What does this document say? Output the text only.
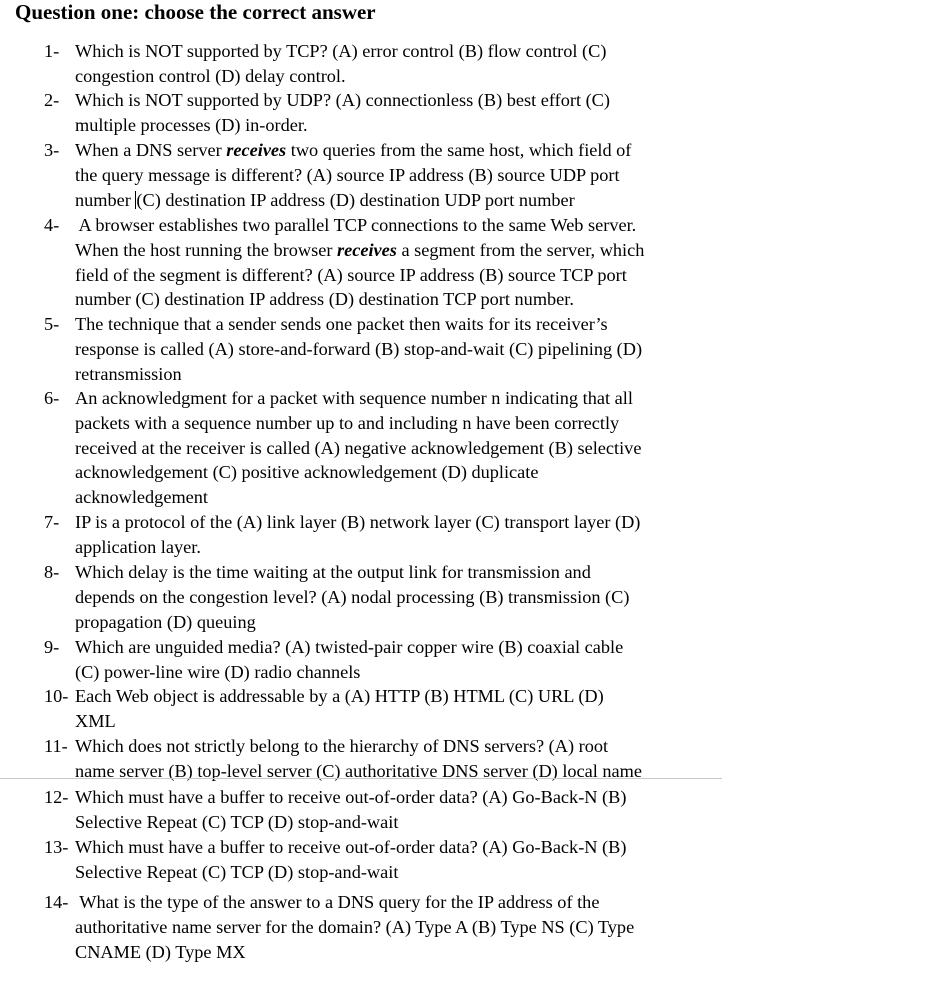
Question one: choose the correct answer
1- Which is NOT supported by TCP? (A) error control (B) flow control (C)
congestion control (D) delay control.
2- Which is NOT supported by UDP? (A) connectionless (B) best effort (C)
multiple processes (D) in-order.
3- When a DNS server receives two queries from the same host, which field of
the query message is different? (A) source IP address (B) source UDP port
number (C) destination IP address (D) destination UDP port number
4- A browser establishes two parallel TCP connections to the same Web server.
When the host running the browser receives a segment from the server, which
field of the segment is different? (A) source IP address (B) source TCP port
number (C) destination IP address (D) destination TCP port number.
5- The technique that a sender sends one packet then waits for its receiver’s
response is called (A) store-and-forward (B) stop-and-wait (C) pipelining (D)
retransmission
6- An acknowledgment for a packet with sequence number n indicating that all
packets with a sequence number up to and including n have been correctly
received at the receiver is called (A) negative acknowledgement (B) selective
acknowledgement (C) positive acknowledgement (D) duplicate
acknowledgement
7- IP is a protocol of the (A) link layer (B) network layer (C) transport layer (D)
application layer.
8- Which delay is the time waiting at the output link for transmission and
depends on the congestion level? (A) nodal processing (B) transmission (C)
propagation (D) queuing
9- Which are unguided media? (A) twisted-pair copper wire (B) coaxial cable
(C) power-line wire (D) radio channels
10- Each Web object is addressable by a (A) HTTP (B) HTML (C) URL (D)
XML
11- Which does not strictly belong to the hierarchy of DNS servers? (A) root
name server (B) top-level server (C) authoritative DNS server (D) local name
12- Which must have a buffer to receive out-of-order data? (A) Go-Back-N (B)
Selective Repeat (C) TCP (D) stop-and-wait
13- Which must have a buffer to receive out-of-order data? (A) Go-Back-N (B)
Selective Repeat (C) TCP (D) stop-and-wait
14- What is the type of the answer to a DNS query for the IP address of the
authoritative name server for the domain? (A) Type A (B) Type NS (C) Type
CNAME (D) Type MX
